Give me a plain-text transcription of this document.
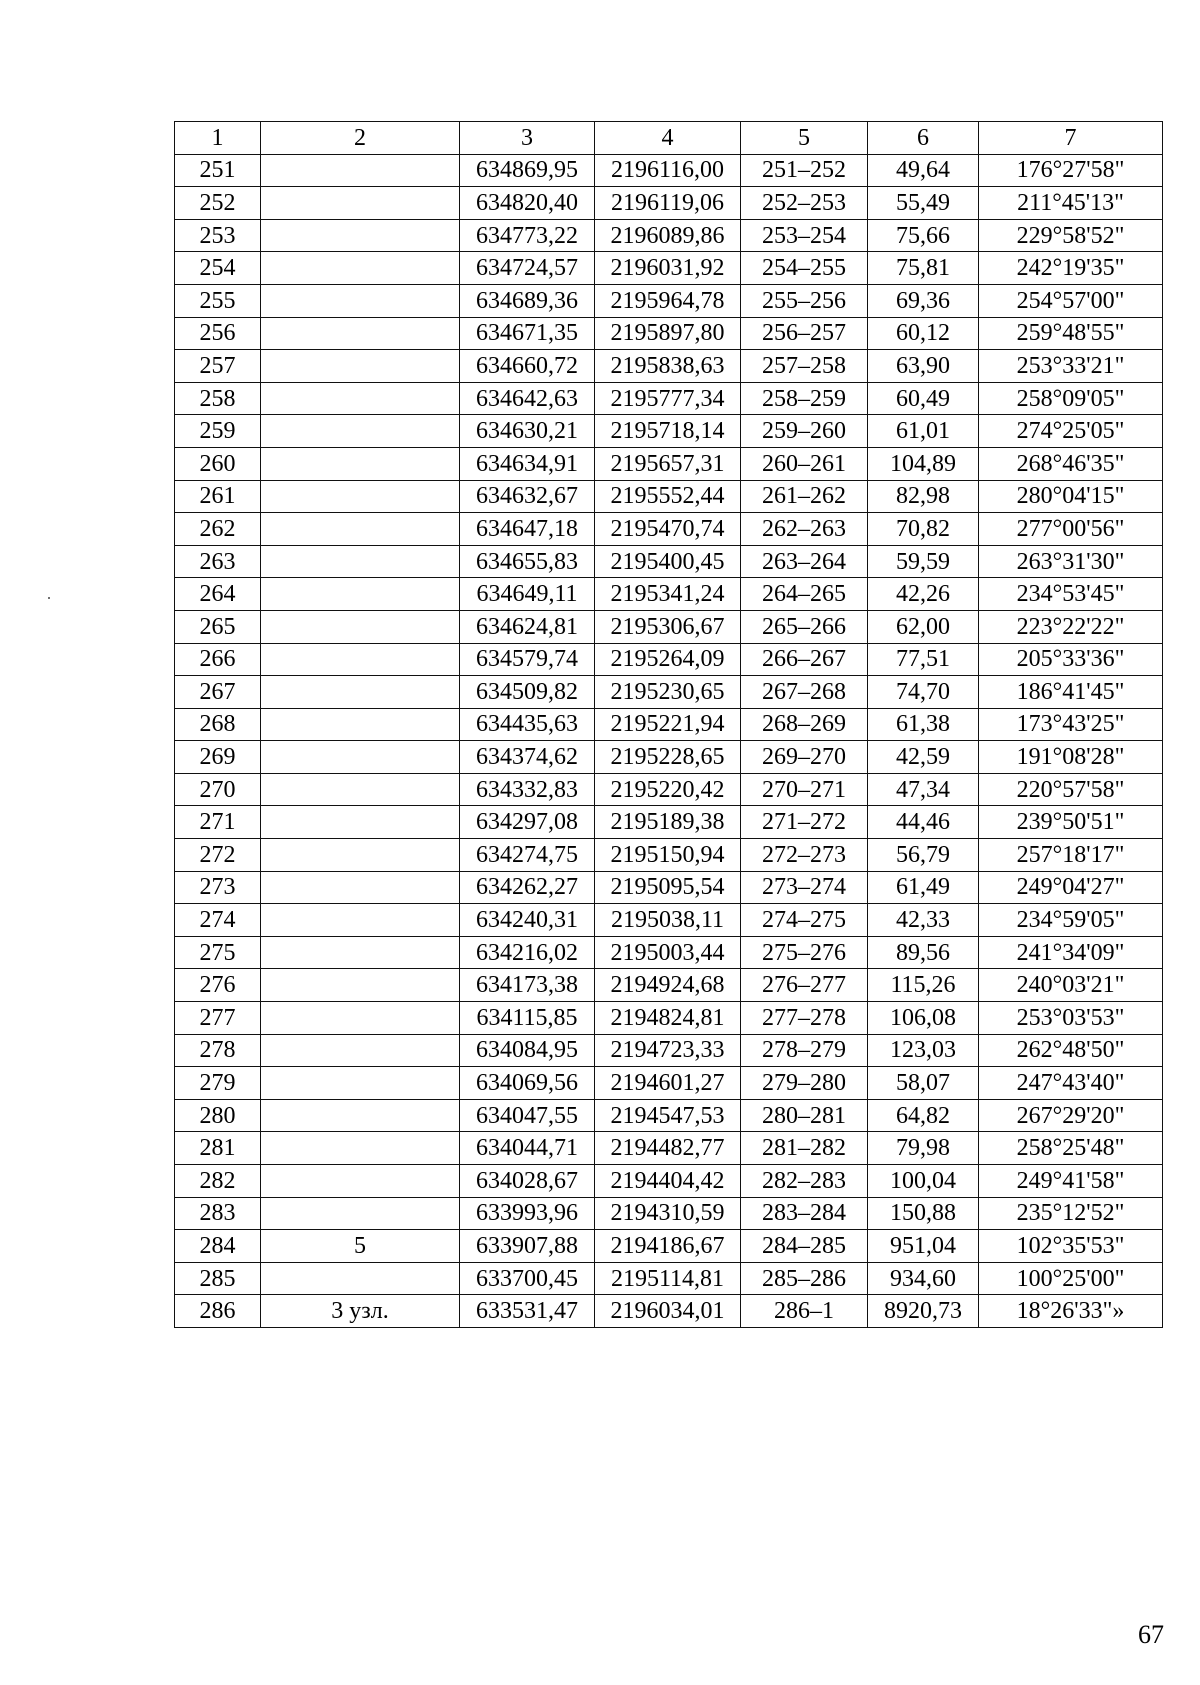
1	2	3	4	5	6	7
251		634869,95	2196116,00	251–252	49,64	176°27'58"
252		634820,40	2196119,06	252–253	55,49	211°45'13"
253		634773,22	2196089,86	253–254	75,66	229°58'52"
254		634724,57	2196031,92	254–255	75,81	242°19'35"
255		634689,36	2195964,78	255–256	69,36	254°57'00"
256		634671,35	2195897,80	256–257	60,12	259°48'55"
257		634660,72	2195838,63	257–258	63,90	253°33'21"
258		634642,63	2195777,34	258–259	60,49	258°09'05"
259		634630,21	2195718,14	259–260	61,01	274°25'05"
260		634634,91	2195657,31	260–261	104,89	268°46'35"
261		634632,67	2195552,44	261–262	82,98	280°04'15"
262		634647,18	2195470,74	262–263	70,82	277°00'56"
263		634655,83	2195400,45	263–264	59,59	263°31'30"
264		634649,11	2195341,24	264–265	42,26	234°53'45"
265		634624,81	2195306,67	265–266	62,00	223°22'22"
266		634579,74	2195264,09	266–267	77,51	205°33'36"
267		634509,82	2195230,65	267–268	74,70	186°41'45"
268		634435,63	2195221,94	268–269	61,38	173°43'25"
269		634374,62	2195228,65	269–270	42,59	191°08'28"
270		634332,83	2195220,42	270–271	47,34	220°57'58"
271		634297,08	2195189,38	271–272	44,46	239°50'51"
272		634274,75	2195150,94	272–273	56,79	257°18'17"
273		634262,27	2195095,54	273–274	61,49	249°04'27"
274		634240,31	2195038,11	274–275	42,33	234°59'05"
275		634216,02	2195003,44	275–276	89,56	241°34'09"
276		634173,38	2194924,68	276–277	115,26	240°03'21"
277		634115,85	2194824,81	277–278	106,08	253°03'53"
278		634084,95	2194723,33	278–279	123,03	262°48'50"
279		634069,56	2194601,27	279–280	58,07	247°43'40"
280		634047,55	2194547,53	280–281	64,82	267°29'20"
281		634044,71	2194482,77	281–282	79,98	258°25'48"
282		634028,67	2194404,42	282–283	100,04	249°41'58"
283		633993,96	2194310,59	283–284	150,88	235°12'52"
284	5	633907,88	2194186,67	284–285	951,04	102°35'53"
285		633700,45	2195114,81	285–286	934,60	100°25'00"
286	3 узл.	633531,47	2196034,01	286–1	8920,73	18°26'33"»
67
